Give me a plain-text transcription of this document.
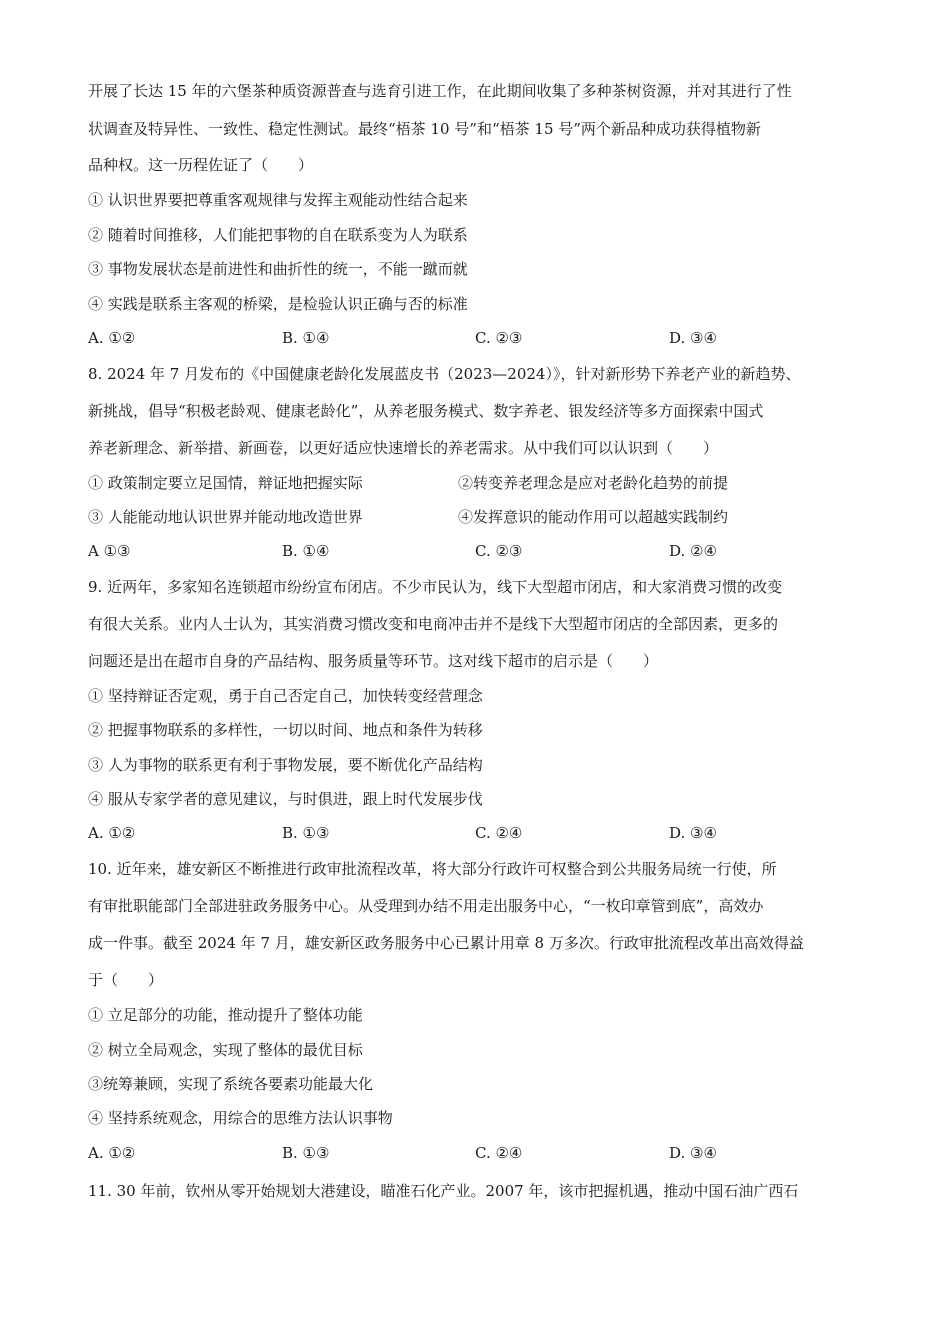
开展了长达 15 年的六堡茶种质资源普查与选育引进工作，在此期间收集了多种茶树资源，并对其进行了性
状调查及特异性、一致性、稳定性测试。最终“梧茶 10 号”和“梧茶 15 号”两个新品种成功获得植物新
品种权。这一历程佐证了（　　）
① 认识世界要把尊重客观规律与发挥主观能动性结合起来
② 随着时间推移，人们能把事物的自在联系变为人为联系
③ 事物发展状态是前进性和曲折性的统一，不能一蹴而就
④ 实践是联系主客观的桥梁，是检验认识正确与否的标准
A. ①②	B. ①④	C. ②③	D. ③④
8. 2024 年 7 月发布的《中国健康老龄化发展蓝皮书（2023—2024）》，针对新形势下养老产业的新趋势、
新挑战，倡导“积极老龄观、健康老龄化”，从养老服务模式、数字养老、银发经济等多方面探索中国式
养老新理念、新举措、新画卷，以更好适应快速增长的养老需求。从中我们可以认识到（　　）
① 政策制定要立足国情，辩证地把握实际	②转变养老理念是应对老龄化趋势的前提
③ 人能能动地认识世界并能动地改造世界	④发挥意识的能动作用可以超越实践制约
A ①③	B. ①④	C. ②③	D. ②④
9. 近两年，多家知名连锁超市纷纷宣布闭店。不少市民认为，线下大型超市闭店，和大家消费习惯的改变
有很大关系。业内人士认为，其实消费习惯改变和电商冲击并不是线下大型超市闭店的全部因素，更多的
问题还是出在超市自身的产品结构、服务质量等环节。这对线下超市的启示是（　　）
① 坚持辩证否定观，勇于自己否定自己，加快转变经营理念
② 把握事物联系的多样性，一切以时间、地点和条件为转移
③ 人为事物的联系更有利于事物发展，要不断优化产品结构
④ 服从专家学者的意见建议，与时俱进，跟上时代发展步伐
A. ①②	B. ①③	C. ②④	D. ③④
10. 近年来，雄安新区不断推进行政审批流程改革，将大部分行政许可权整合到公共服务局统一行使，所
有审批职能部门全部进驻政务服务中心。从受理到办结不用走出服务中心，“一枚印章管到底”，高效办
成一件事。截至 2024 年 7 月，雄安新区政务服务中心已累计用章 8 万多次。行政审批流程改革出高效得益
于（　　）
① 立足部分的功能，推动提升了整体功能
② 树立全局观念，实现了整体的最优目标
③统筹兼顾，实现了系统各要素功能最大化
④ 坚持系统观念，用综合的思维方法认识事物
A. ①②	B. ①③	C. ②④	D. ③④
11. 30 年前，钦州从零开始规划大港建设，瞄准石化产业。2007 年，该市把握机遇，推动中国石油广西石
